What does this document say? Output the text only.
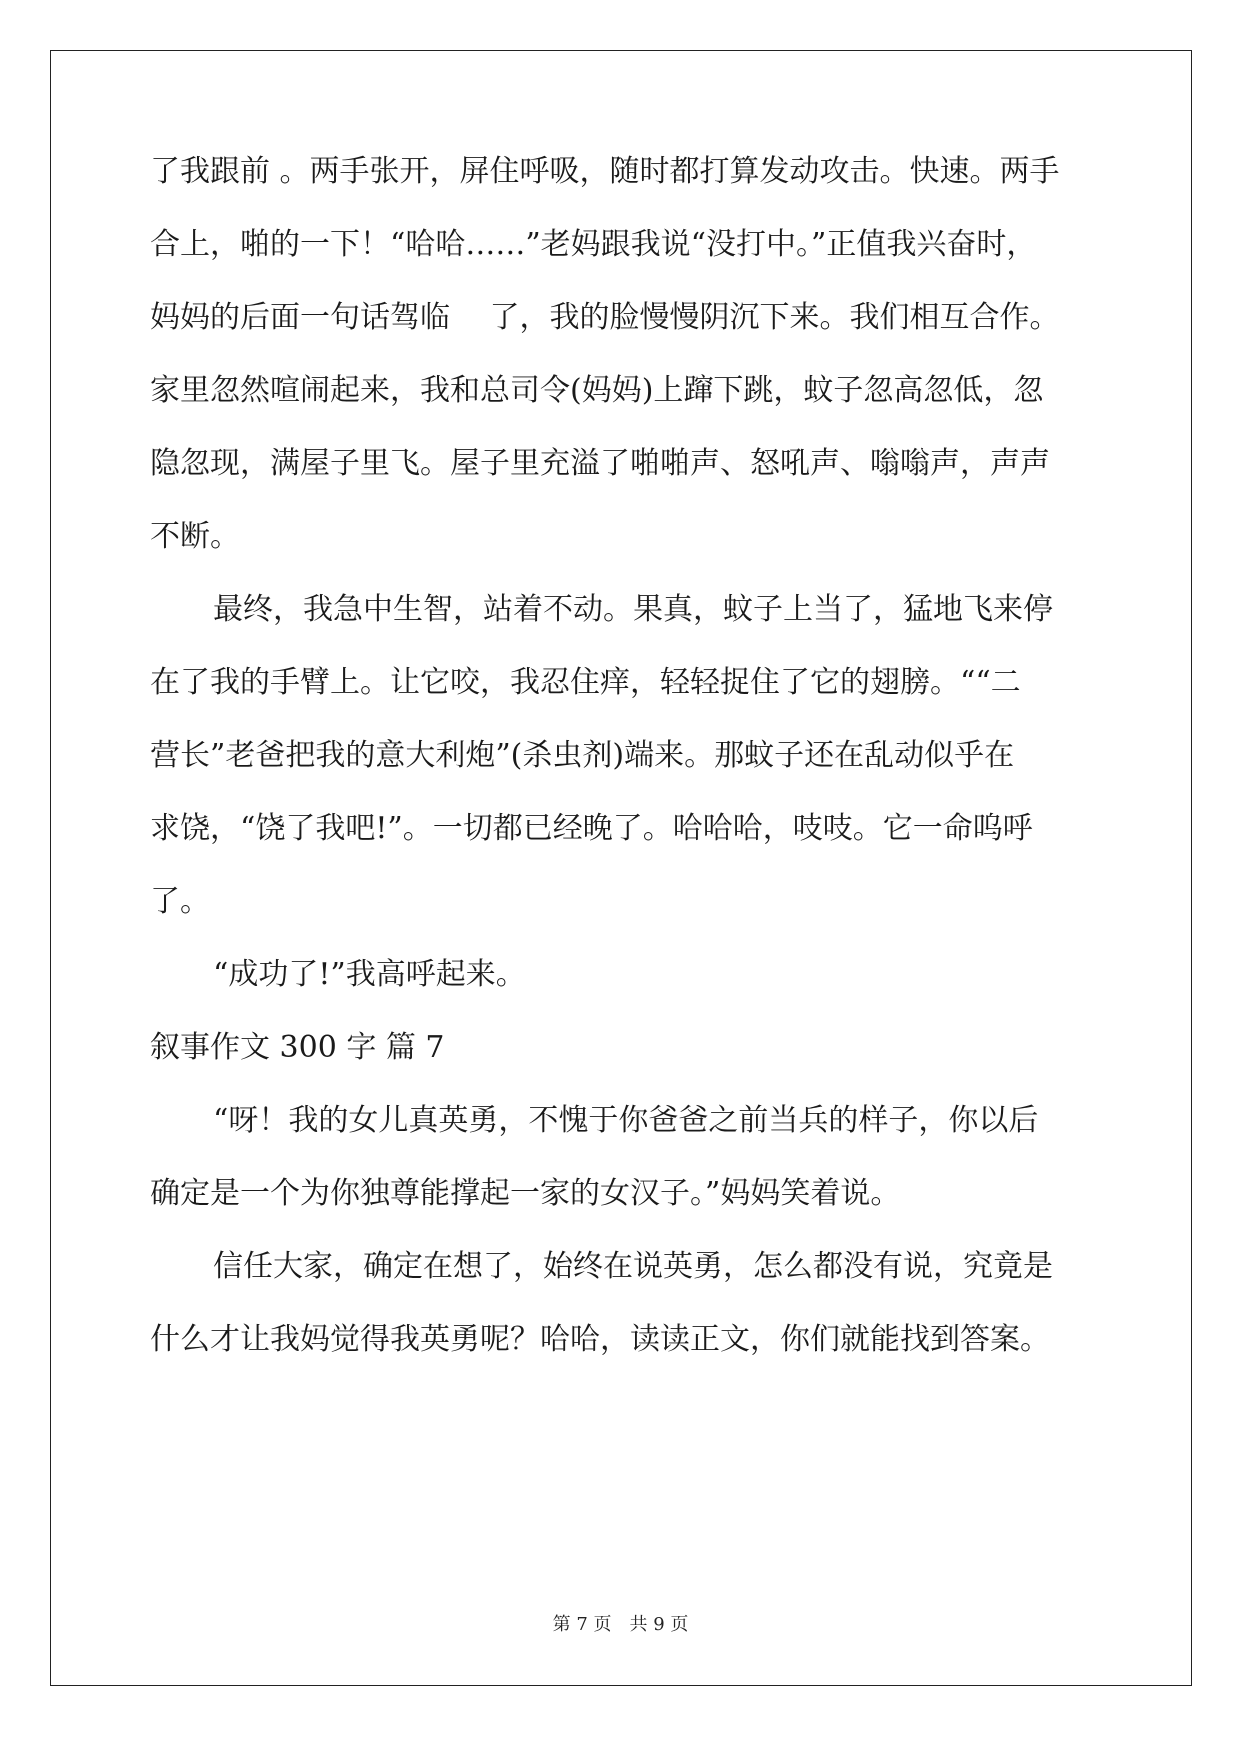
了我跟前 。两手张开，屏住呼吸，随时都打算发动攻击。快速。两手
合上，啪的一下！“哈哈……”老妈跟我说“没打中。”正值我兴奋时，
妈妈的后面一句话驾临　 了，我的脸慢慢阴沉下来。我们相互合作。
家里忽然喧闹起来，我和总司令(妈妈)上蹿下跳，蚊子忽高忽低，忽
隐忽现，满屋子里飞。屋子里充溢了啪啪声、怒吼声、嗡嗡声，声声
不断。
最终，我急中生智，站着不动。果真，蚊子上当了，猛地飞来停
在了我的手臂上。让它咬，我忍住痒，轻轻捉住了它的翅膀。““二
营长”老爸把我的意大利炮”(杀虫剂)端来。那蚊子还在乱动似乎在
求饶，“饶了我吧!”。一切都已经晚了。哈哈哈，吱吱。它一命呜呼
了。
“成功了!”我高呼起来。
叙事作文 300 字 篇 7
“呀！我的女儿真英勇，不愧于你爸爸之前当兵的样子，你以后
确定是一个为你独尊能撑起一家的女汉子。”妈妈笑着说。
信任大家，确定在想了，始终在说英勇，怎么都没有说，究竟是
什么才让我妈觉得我英勇呢？哈哈，读读正文，你们就能找到答案。
第 7 页　共 9 页
